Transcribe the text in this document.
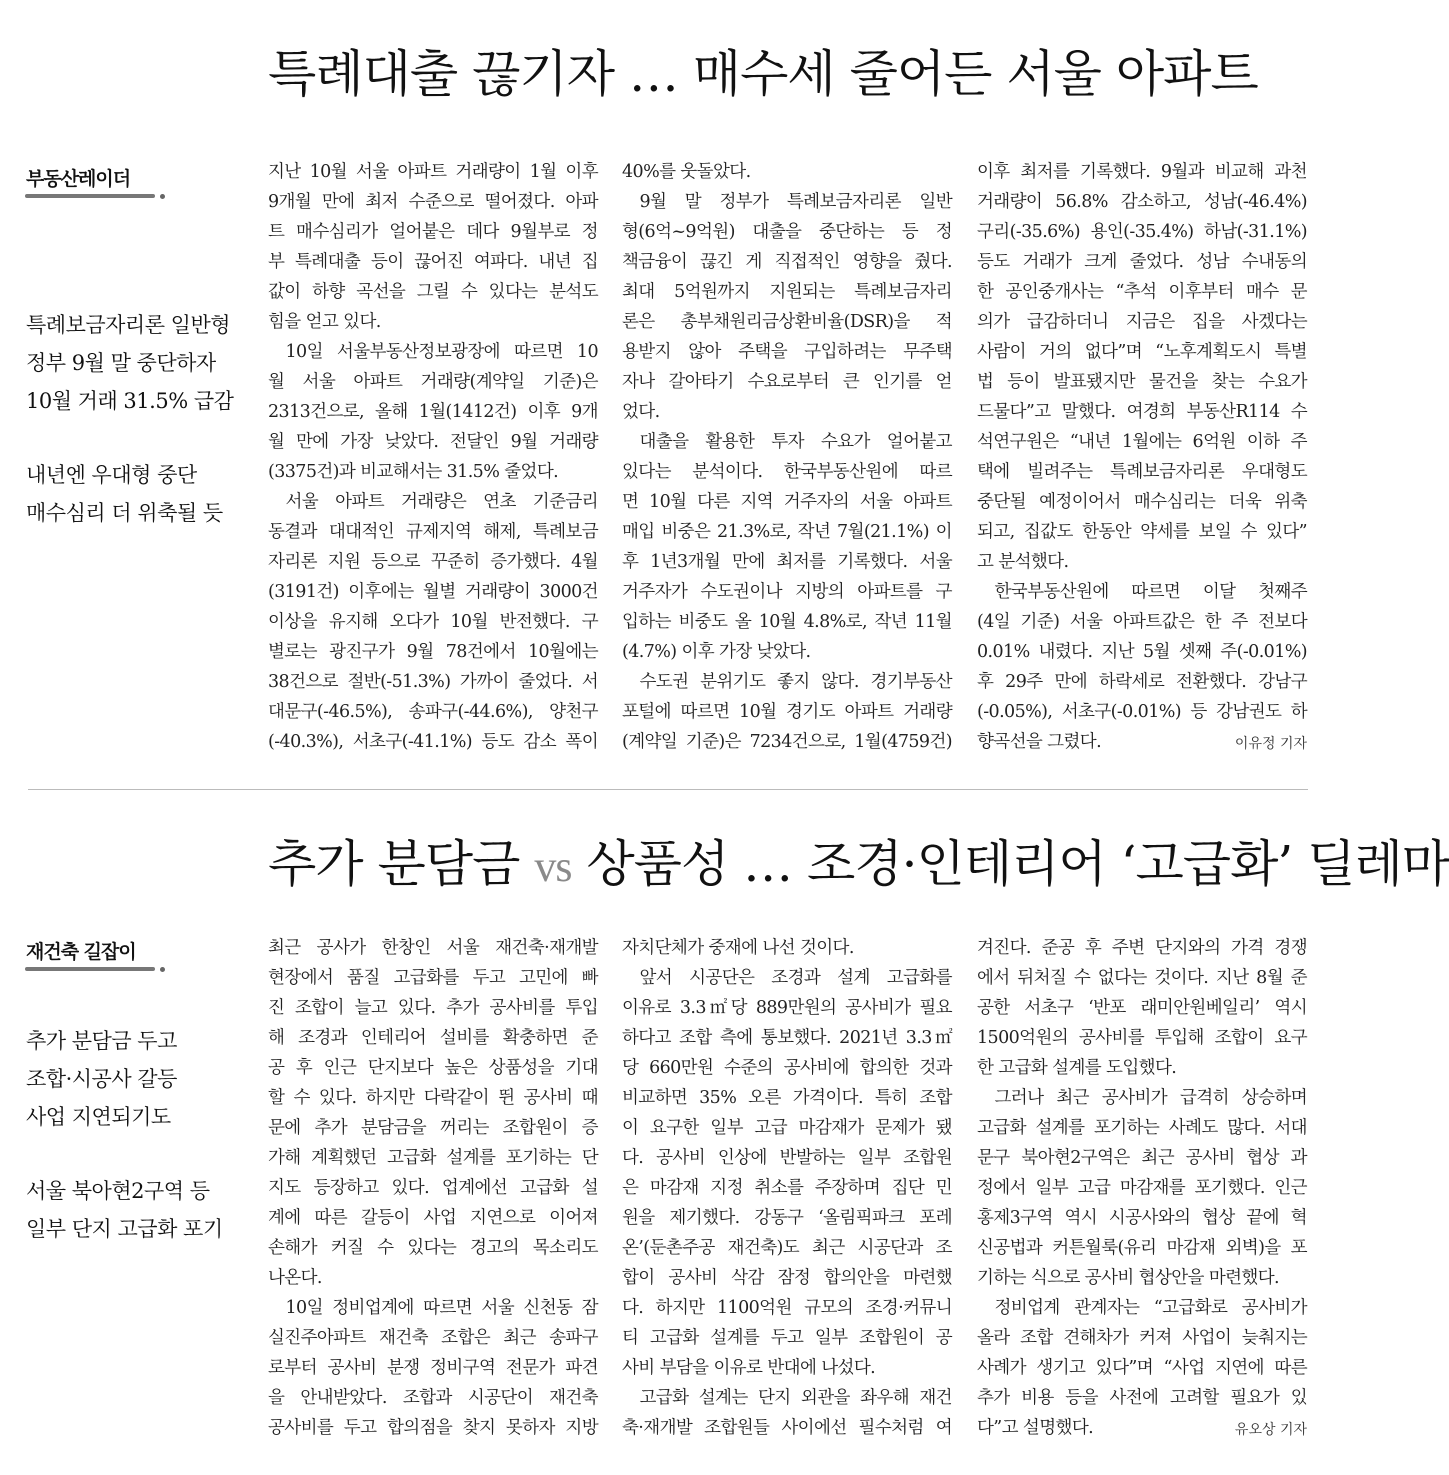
특례대출 끊기자 … 매수세 줄어든 서울 아파트
부동산레이더
특례보금자리론 일반형
정부 9월 말 중단하자
10월 거래 31.5% 급감
내년엔 우대형 중단
매수심리 더 위축될 듯
지난 10월 서울 아파트 거래량이 1월 이후
9개월 만에 최저 수준으로 떨어졌다. 아파
트 매수심리가 얼어붙은 데다 9월부로 정
부 특례대출 등이 끊어진 여파다. 내년 집
값이 하향 곡선을 그릴 수 있다는 분석도
힘을 얻고 있다.
10일 서울부동산정보광장에 따르면 10
월 서울 아파트 거래량(계약일 기준)은
2313건으로, 올해 1월(1412건) 이후 9개
월 만에 가장 낮았다. 전달인 9월 거래량
(3375건)과 비교해서는 31.5% 줄었다.
서울 아파트 거래량은 연초 기준금리
동결과 대대적인 규제지역 해제, 특례보금
자리론 지원 등으로 꾸준히 증가했다. 4월
(3191건) 이후에는 월별 거래량이 3000건
이상을 유지해 오다가 10월 반전했다. 구
별로는 광진구가 9월 78건에서 10월에는
38건으로 절반(-51.3%) 가까이 줄었다. 서
대문구(-46.5%), 송파구(-44.6%), 양천구
(-40.3%), 서초구(-41.1%) 등도 감소 폭이
40%를 웃돌았다.
9월 말 정부가 특례보금자리론 일반
형(6억~9억원) 대출을 중단하는 등 정
책금융이 끊긴 게 직접적인 영향을 줬다.
최대 5억원까지 지원되는 특례보금자리
론은 총부채원리금상환비율(DSR)을 적
용받지 않아 주택을 구입하려는 무주택
자나 갈아타기 수요로부터 큰 인기를 얻
었다.
대출을 활용한 투자 수요가 얼어붙고
있다는 분석이다. 한국부동산원에 따르
면 10월 다른 지역 거주자의 서울 아파트
매입 비중은 21.3%로, 작년 7월(21.1%) 이
후 1년3개월 만에 최저를 기록했다. 서울
거주자가 수도권이나 지방의 아파트를 구
입하는 비중도 올 10월 4.8%로, 작년 11월
(4.7%) 이후 가장 낮았다.
수도권 분위기도 좋지 않다. 경기부동산
포털에 따르면 10월 경기도 아파트 거래량
(계약일 기준)은 7234건으로, 1월(4759건)
이후 최저를 기록했다. 9월과 비교해 과천
거래량이 56.8% 감소하고, 성남(-46.4%)
구리(-35.6%) 용인(-35.4%) 하남(-31.1%)
등도 거래가 크게 줄었다. 성남 수내동의
한 공인중개사는 “추석 이후부터 매수 문
의가 급감하더니 지금은 집을 사겠다는
사람이 거의 없다”며 “노후계획도시 특별
법 등이 발표됐지만 물건을 찾는 수요가
드물다”고 말했다. 여경희 부동산R114 수
석연구원은 “내년 1월에는 6억원 이하 주
택에 빌려주는 특례보금자리론 우대형도
중단될 예정이어서 매수심리는 더욱 위축
되고, 집값도 한동안 약세를 보일 수 있다”
고 분석했다.
한국부동산원에 따르면 이달 첫째주
(4일 기준) 서울 아파트값은 한 주 전보다
0.01% 내렸다. 지난 5월 셋째 주(-0.01%)
후 29주 만에 하락세로 전환했다. 강남구
(-0.05%), 서초구(-0.01%) 등 강남권도 하
향곡선을 그렸다.	이유정 기자
추가 분담금 vs 상품성 … 조경·인테리어 ‘고급화’ 딜레마
재건축 길잡이
추가 분담금 두고
조합·시공사 갈등
사업 지연되기도
서울 북아현2구역 등
일부 단지 고급화 포기
최근 공사가 한창인 서울 재건축·재개발
현장에서 품질 고급화를 두고 고민에 빠
진 조합이 늘고 있다. 추가 공사비를 투입
해 조경과 인테리어 설비를 확충하면 준
공 후 인근 단지보다 높은 상품성을 기대
할 수 있다. 하지만 다락같이 뛴 공사비 때
문에 추가 분담금을 꺼리는 조합원이 증
가해 계획했던 고급화 설계를 포기하는 단
지도 등장하고 있다. 업계에선 고급화 설
계에 따른 갈등이 사업 지연으로 이어져
손해가 커질 수 있다는 경고의 목소리도
나온다.
10일 정비업계에 따르면 서울 신천동 잠
실진주아파트 재건축 조합은 최근 송파구
로부터 공사비 분쟁 정비구역 전문가 파견
을 안내받았다. 조합과 시공단이 재건축
공사비를 두고 합의점을 찾지 못하자 지방
자치단체가 중재에 나선 것이다.
앞서 시공단은 조경과 설계 고급화를
이유로 3.3㎡당 889만원의 공사비가 필요
하다고 조합 측에 통보했다. 2021년 3.3㎡
당 660만원 수준의 공사비에 합의한 것과
비교하면 35% 오른 가격이다. 특히 조합
이 요구한 일부 고급 마감재가 문제가 됐
다. 공사비 인상에 반발하는 일부 조합원
은 마감재 지정 취소를 주장하며 집단 민
원을 제기했다. 강동구 ‘올림픽파크 포레
온’(둔촌주공 재건축)도 최근 시공단과 조
합이 공사비 삭감 잠정 합의안을 마련했
다. 하지만 1100억원 규모의 조경·커뮤니
티 고급화 설계를 두고 일부 조합원이 공
사비 부담을 이유로 반대에 나섰다.
고급화 설계는 단지 외관을 좌우해 재건
축·재개발 조합원들 사이에선 필수처럼 여
겨진다. 준공 후 주변 단지와의 가격 경쟁
에서 뒤처질 수 없다는 것이다. 지난 8월 준
공한 서초구 ‘반포 래미안원베일리’ 역시
1500억원의 공사비를 투입해 조합이 요구
한 고급화 설계를 도입했다.
그러나 최근 공사비가 급격히 상승하며
고급화 설계를 포기하는 사례도 많다. 서대
문구 북아현2구역은 최근 공사비 협상 과
정에서 일부 고급 마감재를 포기했다. 인근
홍제3구역 역시 시공사와의 협상 끝에 혁
신공법과 커튼월룩(유리 마감재 외벽)을 포
기하는 식으로 공사비 협상안을 마련했다.
정비업계 관계자는 “고급화로 공사비가
올라 조합 견해차가 커져 사업이 늦춰지는
사례가 생기고 있다”며 “사업 지연에 따른
추가 비용 등을 사전에 고려할 필요가 있
다”고 설명했다.	유오상 기자
